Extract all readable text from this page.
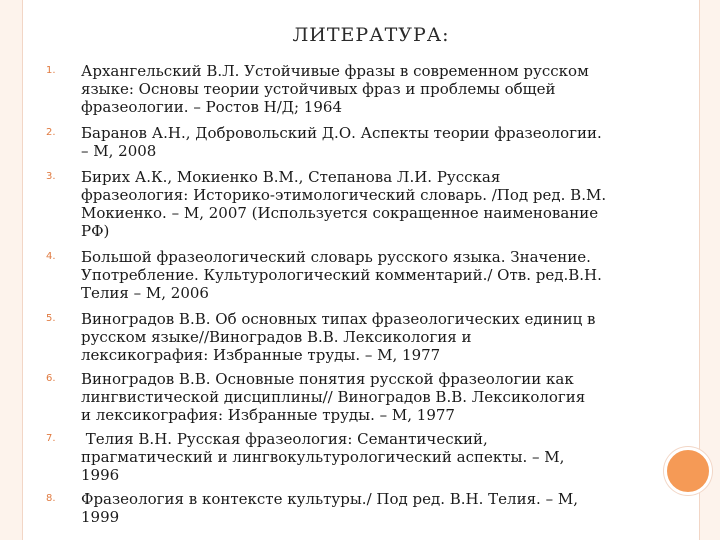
ЛИТЕРАТУРА:
1. Архангельский В.Л. Устойчивые фразы в современном русском
языке: Основы теории устойчивых фраз и проблемы общей
фразеологии. – Ростов Н/Д; 1964
2. Баранов А.Н., Добровольский Д.О. Аспекты теории фразеологии.
– М, 2008
3. Бирих А.К., Мокиенко В.М., Степанова Л.И. Русская
фразеология: Историко-этимологический словарь. /Под ред. В.М.
Мокиенко. – М, 2007 (Используется сокращенное наименование
РФ)
4. Большой фразеологический словарь русского языка. Значение.
Употребление. Культурологический комментарий./ Отв. ред.В.Н.
Телия – М, 2006
5. Виноградов В.В. Об основных типах фразеологических единиц в
русском языке//Виноградов В.В. Лексикология и
лексикография: Избранные труды. – М, 1977
6. Виноградов В.В. Основные понятия русской фразеологии как
лингвистической дисциплины// Виноградов В.В. Лексикология
и лексикография: Избранные труды. – М, 1977
7. Телия В.Н. Русская фразеология: Семантический,
прагматический и лингвокультурологический аспекты. – М,
1996
8. Фразеология в контексте культуры./ Под ред. В.Н. Телия. – М,
1999
